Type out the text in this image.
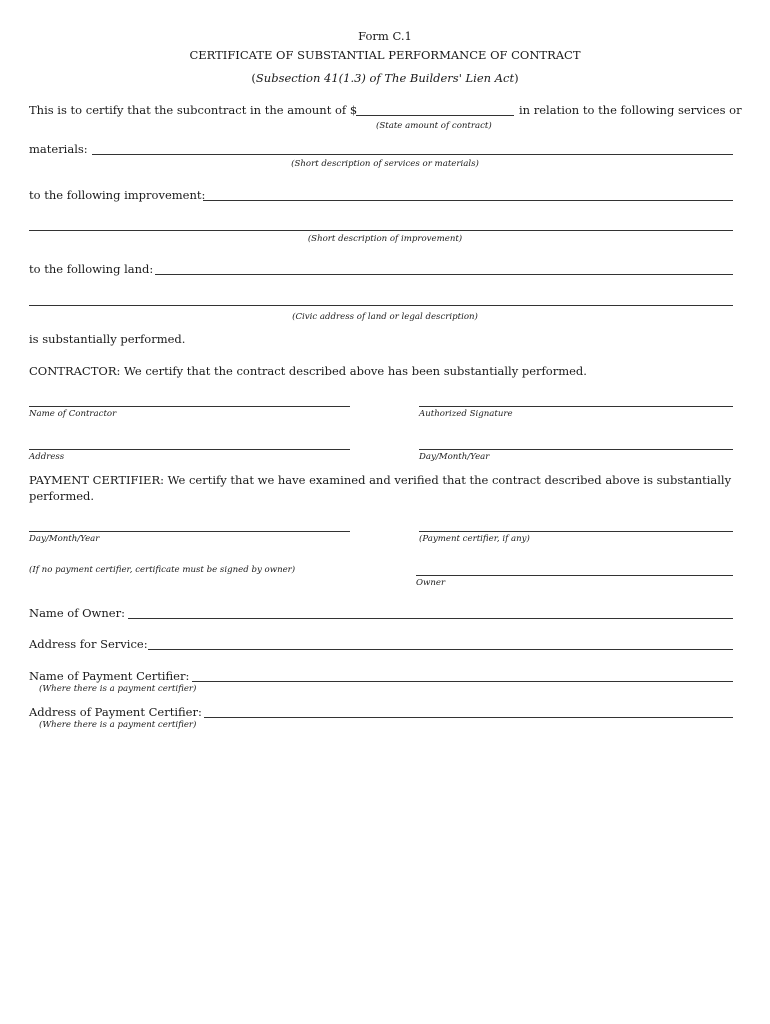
Form C.1
CERTIFICATE OF SUBSTANTIAL PERFORMANCE OF CONTRACT
(Subsection 41(1.3) of The Builders' Lien Act)
This is to certify that the subcontract in the amount of $	in relation to the following services or
(State amount of contract)
materials:
(Short description of services or materials)
to the following improvement:
(Short description of improvement)
to the following land:
(Civic address of land or legal description)
is substantially performed.
CONTRACTOR: We certify that the contract described above has been substantially performed.
Name of Contractor	Authorized Signature
Address	Day/Month/Year
PAYMENT CERTIFIER: We certify that we have examined and verified that the contract described above is substantially
performed.
Day/Month/Year	(Payment certifier, if any)
(If no payment certifier, certificate must be signed by owner)
Owner
Name of Owner:
Address for Service:
Name of Payment Certifier:
(Where there is a payment certifier)
Address of Payment Certifier:
(Where there is a payment certifier)
